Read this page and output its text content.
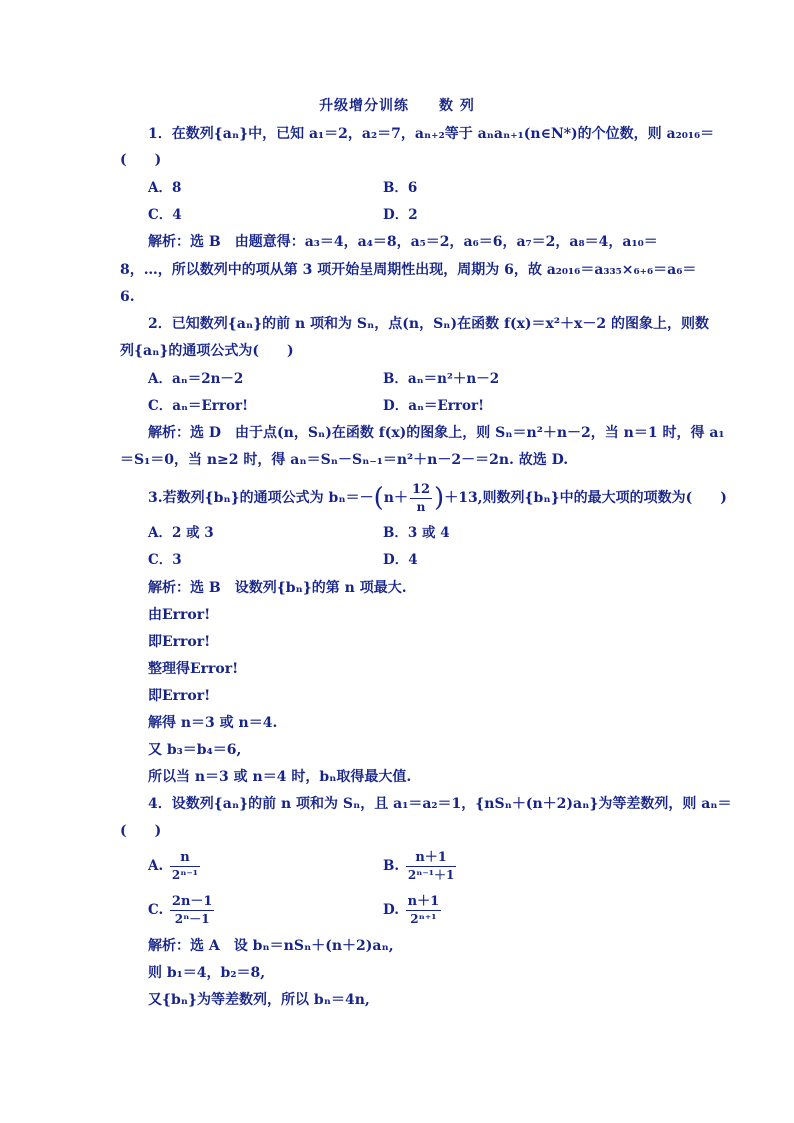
升级增分训练　　数 列
1．在数列{aₙ}中，已知 a₁＝2，a₂＝7，aₙ₊₂等于 aₙaₙ₊₁(n∈N*)的个位数，则 a₂₀₁₆＝
(　　)
A．8	B．6
C．4	D．2
解析：选 B　由题意得：a₃＝4，a₄＝8，a₅＝2，a₆＝6，a₇＝2，a₈＝4，a₁₀＝
8，…，所以数列中的项从第 3 项开始呈周期性出现，周期为 6，故 a₂₀₁₆＝a₃₃₅×₆₊₆＝a₆＝
6.
2．已知数列{aₙ}的前 n 项和为 Sₙ，点(n，Sₙ)在函数 f(x)＝x²＋x－2 的图象上，则数
列{aₙ}的通项公式为(　　)
A．aₙ＝2n－2	B．aₙ＝n²＋n－2
C．aₙ＝Error!	D．aₙ＝Error!
解析：选 D　由于点(n，Sₙ)在函数 f(x)的图象上，则 Sₙ＝n²＋n－2，当 n＝1 时，得 a₁
＝S₁＝0，当 n≥2 时，得 aₙ＝Sₙ－Sₙ₋₁＝n²＋n－2－＝2n. 故选 D.
3.若数列{bₙ}的通项公式为 $b_n=-(n+ \frac{12}{n} )+13$,则数列{bₙ}中的最大项的项数为(　　)
A．2 或 3	B．3 或 4
C．3	D．4
解析：选 B　设数列{bₙ}的第 n 项最大.
由Error!
即Error!
整理得Error!
即Error!
解得 n＝3 或 n＝4.
又 b₃＝b₄＝6,
所以当 n＝3 或 n＝4 时，bₙ取得最大值.
4．设数列{aₙ}的前 n 项和为 Sₙ，且 a₁＝a₂＝1，{nSₙ＋(n＋2)aₙ}为等差数列，则 aₙ＝
(　　)
A. $\frac{n}{\text{2ⁿ⁻¹}}$	B. $\frac{n+1}{\text{2ⁿ⁻¹＋1}}$
C. $\frac{2n-1}{\text{2ⁿ－1}}$	D. $\frac{n+1}{\text{2ⁿ⁺¹}}$
解析：选 A　设 bₙ＝nSₙ＋(n＋2)aₙ,
则 b₁＝4，b₂＝8,
又{bₙ}为等差数列，所以 bₙ＝4n,
